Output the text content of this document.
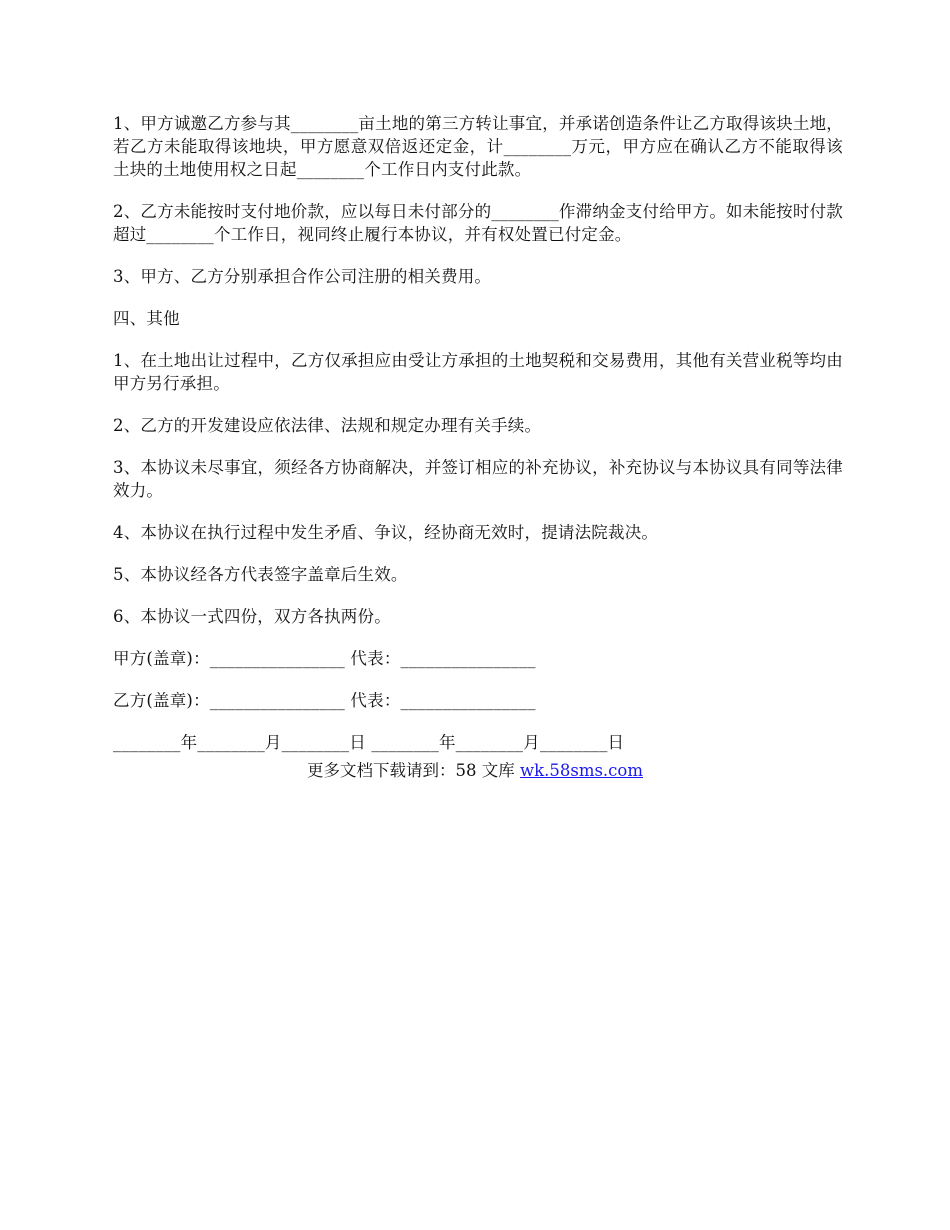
1、甲方诚邀乙方参与其________亩土地的第三方转让事宜，并承诺创造条件让乙方取得该块土地，若乙方未能取得该地块，甲方愿意双倍返还定金，计________万元，甲方应在确认乙方不能取得该土块的土地使用权之日起________个工作日内支付此款。

2、乙方未能按时支付地价款，应以每日未付部分的________作滞纳金支付给甲方。如未能按时付款超过________个工作日，视同终止履行本协议，并有权处置已付定金。

3、甲方、乙方分别承担合作公司注册的相关费用。

四、其他

1、在土地出让过程中，乙方仅承担应由受让方承担的土地契税和交易费用，其他有关营业税等均由甲方另行承担。

2、乙方的开发建设应依法律、法规和规定办理有关手续。

3、本协议未尽事宜，须经各方协商解决，并签订相应的补充协议，补充协议与本协议具有同等法律效力。

4、本协议在执行过程中发生矛盾、争议，经协商无效时，提请法院裁决。

5、本协议经各方代表签字盖章后生效。

6、本协议一式四份，双方各执两份。

甲方(盖章)：________________ 代表：________________

乙方(盖章)：________________ 代表：________________

________年________月________日 ________年________月________日

更多文档下载请到：58 文库 wk.58sms.com
